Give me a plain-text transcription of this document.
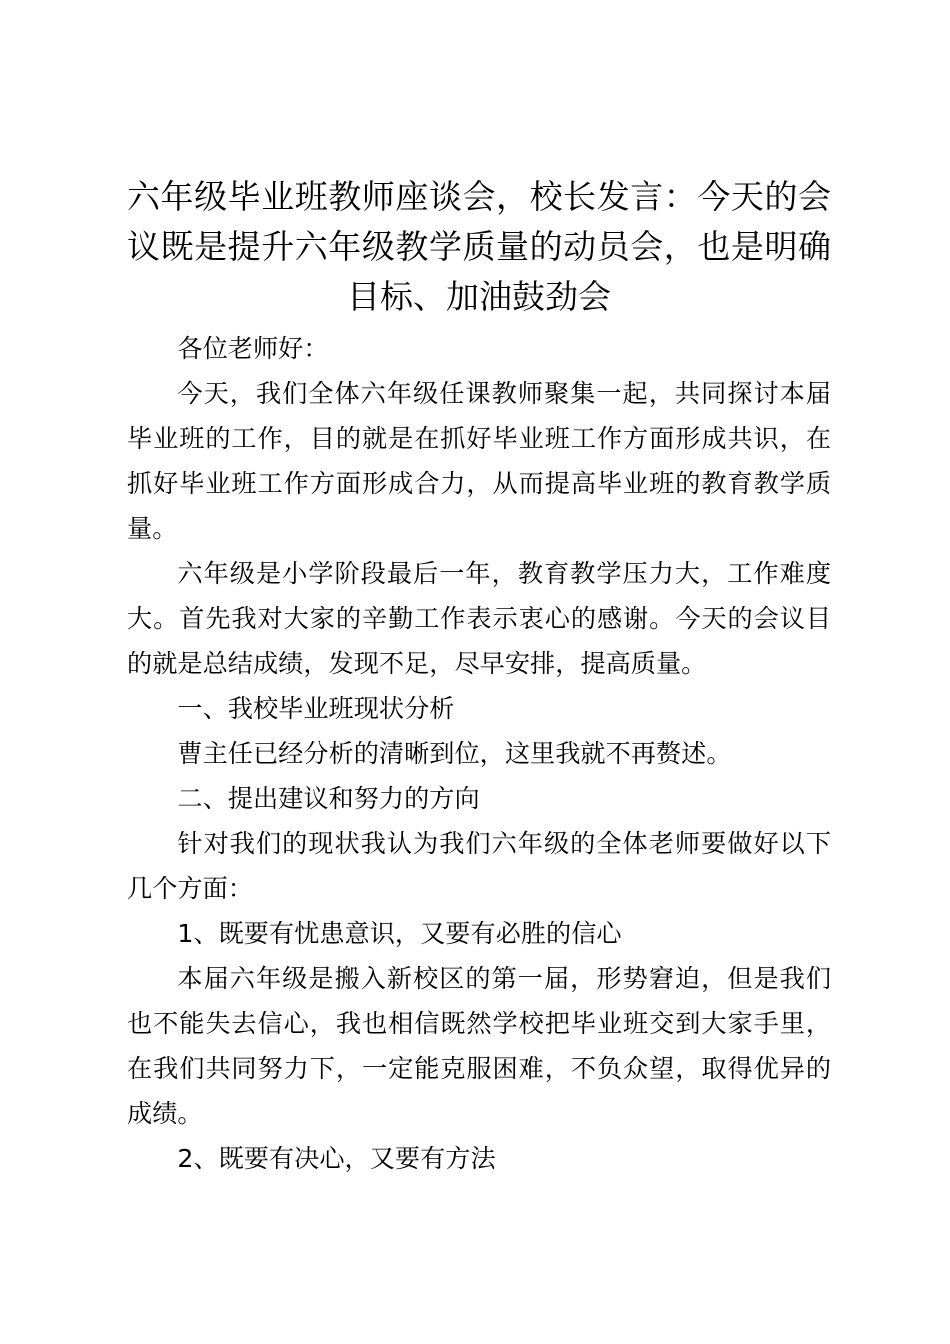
六年级毕业班教师座谈会，校长发言：今天的会议既是提升六年级教学质量的动员会，也是明确目标、加油鼓劲会

各位老师好：

今天，我们全体六年级任课教师聚集一起，共同探讨本届毕业班的工作，目的就是在抓好毕业班工作方面形成共识，在抓好毕业班工作方面形成合力，从而提高毕业班的教育教学质量。

六年级是小学阶段最后一年，教育教学压力大，工作难度大。首先我对大家的辛勤工作表示衷心的感谢。今天的会议目的就是总结成绩，发现不足，尽早安排，提高质量。

一、我校毕业班现状分析

曹主任已经分析的清晰到位，这里我就不再赘述。

二、提出建议和努力的方向

针对我们的现状我认为我们六年级的全体老师要做好以下几个方面：

1、既要有忧患意识，又要有必胜的信心

本届六年级是搬入新校区的第一届，形势窘迫，但是我们也不能失去信心，我也相信既然学校把毕业班交到大家手里，在我们共同努力下，一定能克服困难，不负众望，取得优异的成绩。

2、既要有决心，又要有方法
